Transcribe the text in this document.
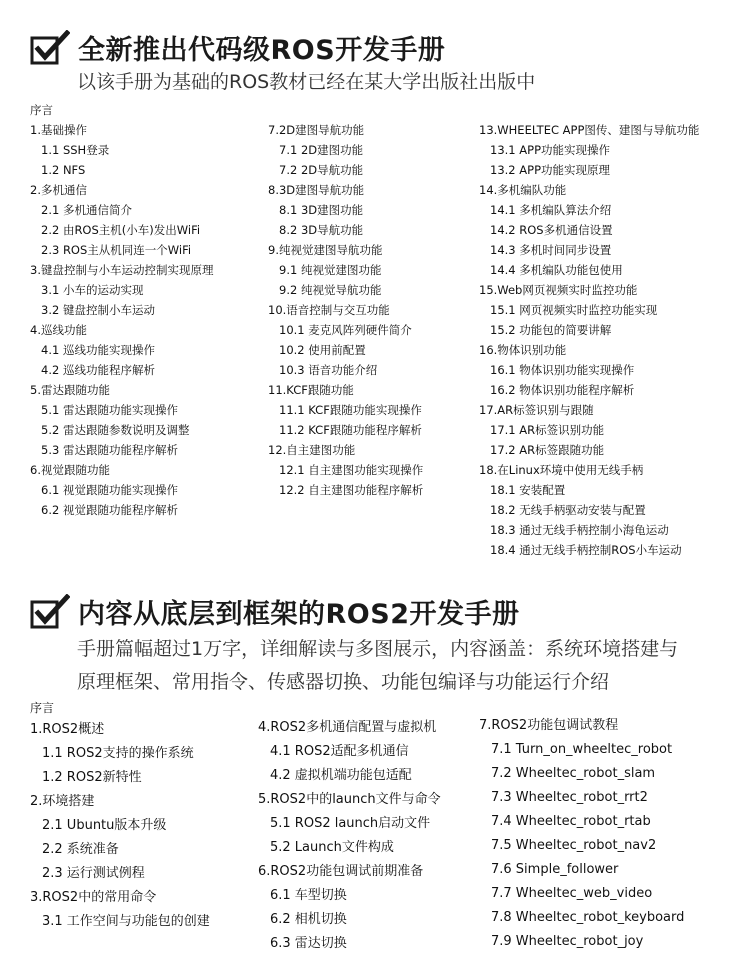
全新推出代码级ROS开发手册
以该手册为基础的ROS教材已经在某大学出版社出版中
序言
1.基础操作
1.1 SSH登录
1.2 NFS
2.多机通信
2.1 多机通信简介
2.2 由ROS主机(小车)发出WiFi
2.3 ROS主从机同连一个WiFi
3.键盘控制与小车运动控制实现原理
3.1 小车的运动实现
3.2 键盘控制小车运动
4.巡线功能
4.1 巡线功能实现操作
4.2 巡线功能程序解析
5.雷达跟随功能
5.1 雷达跟随功能实现操作
5.2 雷达跟随参数说明及调整
5.3 雷达跟随功能程序解析
6.视觉跟随功能
6.1 视觉跟随功能实现操作
6.2 视觉跟随功能程序解析
7.2D建图导航功能
7.1 2D建图功能
7.2 2D导航功能
8.3D建图导航功能
8.1 3D建图功能
8.2 3D导航功能
9.纯视觉建图导航功能
9.1 纯视觉建图功能
9.2 纯视觉导航功能
10.语音控制与交互功能
10.1 麦克风阵列硬件简介
10.2 使用前配置
10.3 语音功能介绍
11.KCF跟随功能
11.1 KCF跟随功能实现操作
11.2 KCF跟随功能程序解析
12.自主建图功能
12.1 自主建图功能实现操作
12.2 自主建图功能程序解析
13.WHEELTEC APP图传、建图与导航功能
13.1 APP功能实现操作
13.2 APP功能实现原理
14.多机编队功能
14.1 多机编队算法介绍
14.2 ROS多机通信设置
14.3 多机时间同步设置
14.4 多机编队功能包使用
15.Web网页视频实时监控功能
15.1 网页视频实时监控功能实现
15.2 功能包的简要讲解
16.物体识别功能
16.1 物体识别功能实现操作
16.2 物体识别功能程序解析
17.AR标签识别与跟随
17.1 AR标签识别功能
17.2 AR标签跟随功能
18.在Linux环境中使用无线手柄
18.1 安装配置
18.2 无线手柄驱动安装与配置
18.3 通过无线手柄控制小海龟运动
18.4 通过无线手柄控制ROS小车运动
内容从底层到框架的ROS2开发手册
手册篇幅超过1万字，详细解读与多图展示，内容涵盖：系统环境搭建与
原理框架、常用指令、传感器切换、功能包编译与功能运行介绍
序言
1.ROS2概述
1.1 ROS2支持的操作系统
1.2 ROS2新特性
2.环境搭建
2.1 Ubuntu版本升级
2.2 系统准备
2.3 运行测试例程
3.ROS2中的常用命令
3.1 工作空间与功能包的创建
4.ROS2多机通信配置与虚拟机
4.1 ROS2适配多机通信
4.2 虚拟机端功能包适配
5.ROS2中的launch文件与命令
5.1 ROS2 launch启动文件
5.2 Launch文件构成
6.ROS2功能包调试前期准备
6.1 车型切换
6.2 相机切换
6.3 雷达切换
7.ROS2功能包调试教程
7.1 Turn_on_wheeltec_robot
7.2 Wheeltec_robot_slam
7.3 Wheeltec_robot_rrt2
7.4 Wheeltec_robot_rtab
7.5 Wheeltec_robot_nav2
7.6 Simple_follower
7.7 Wheeltec_web_video
7.8 Wheeltec_robot_keyboard
7.9 Wheeltec_robot_joy
